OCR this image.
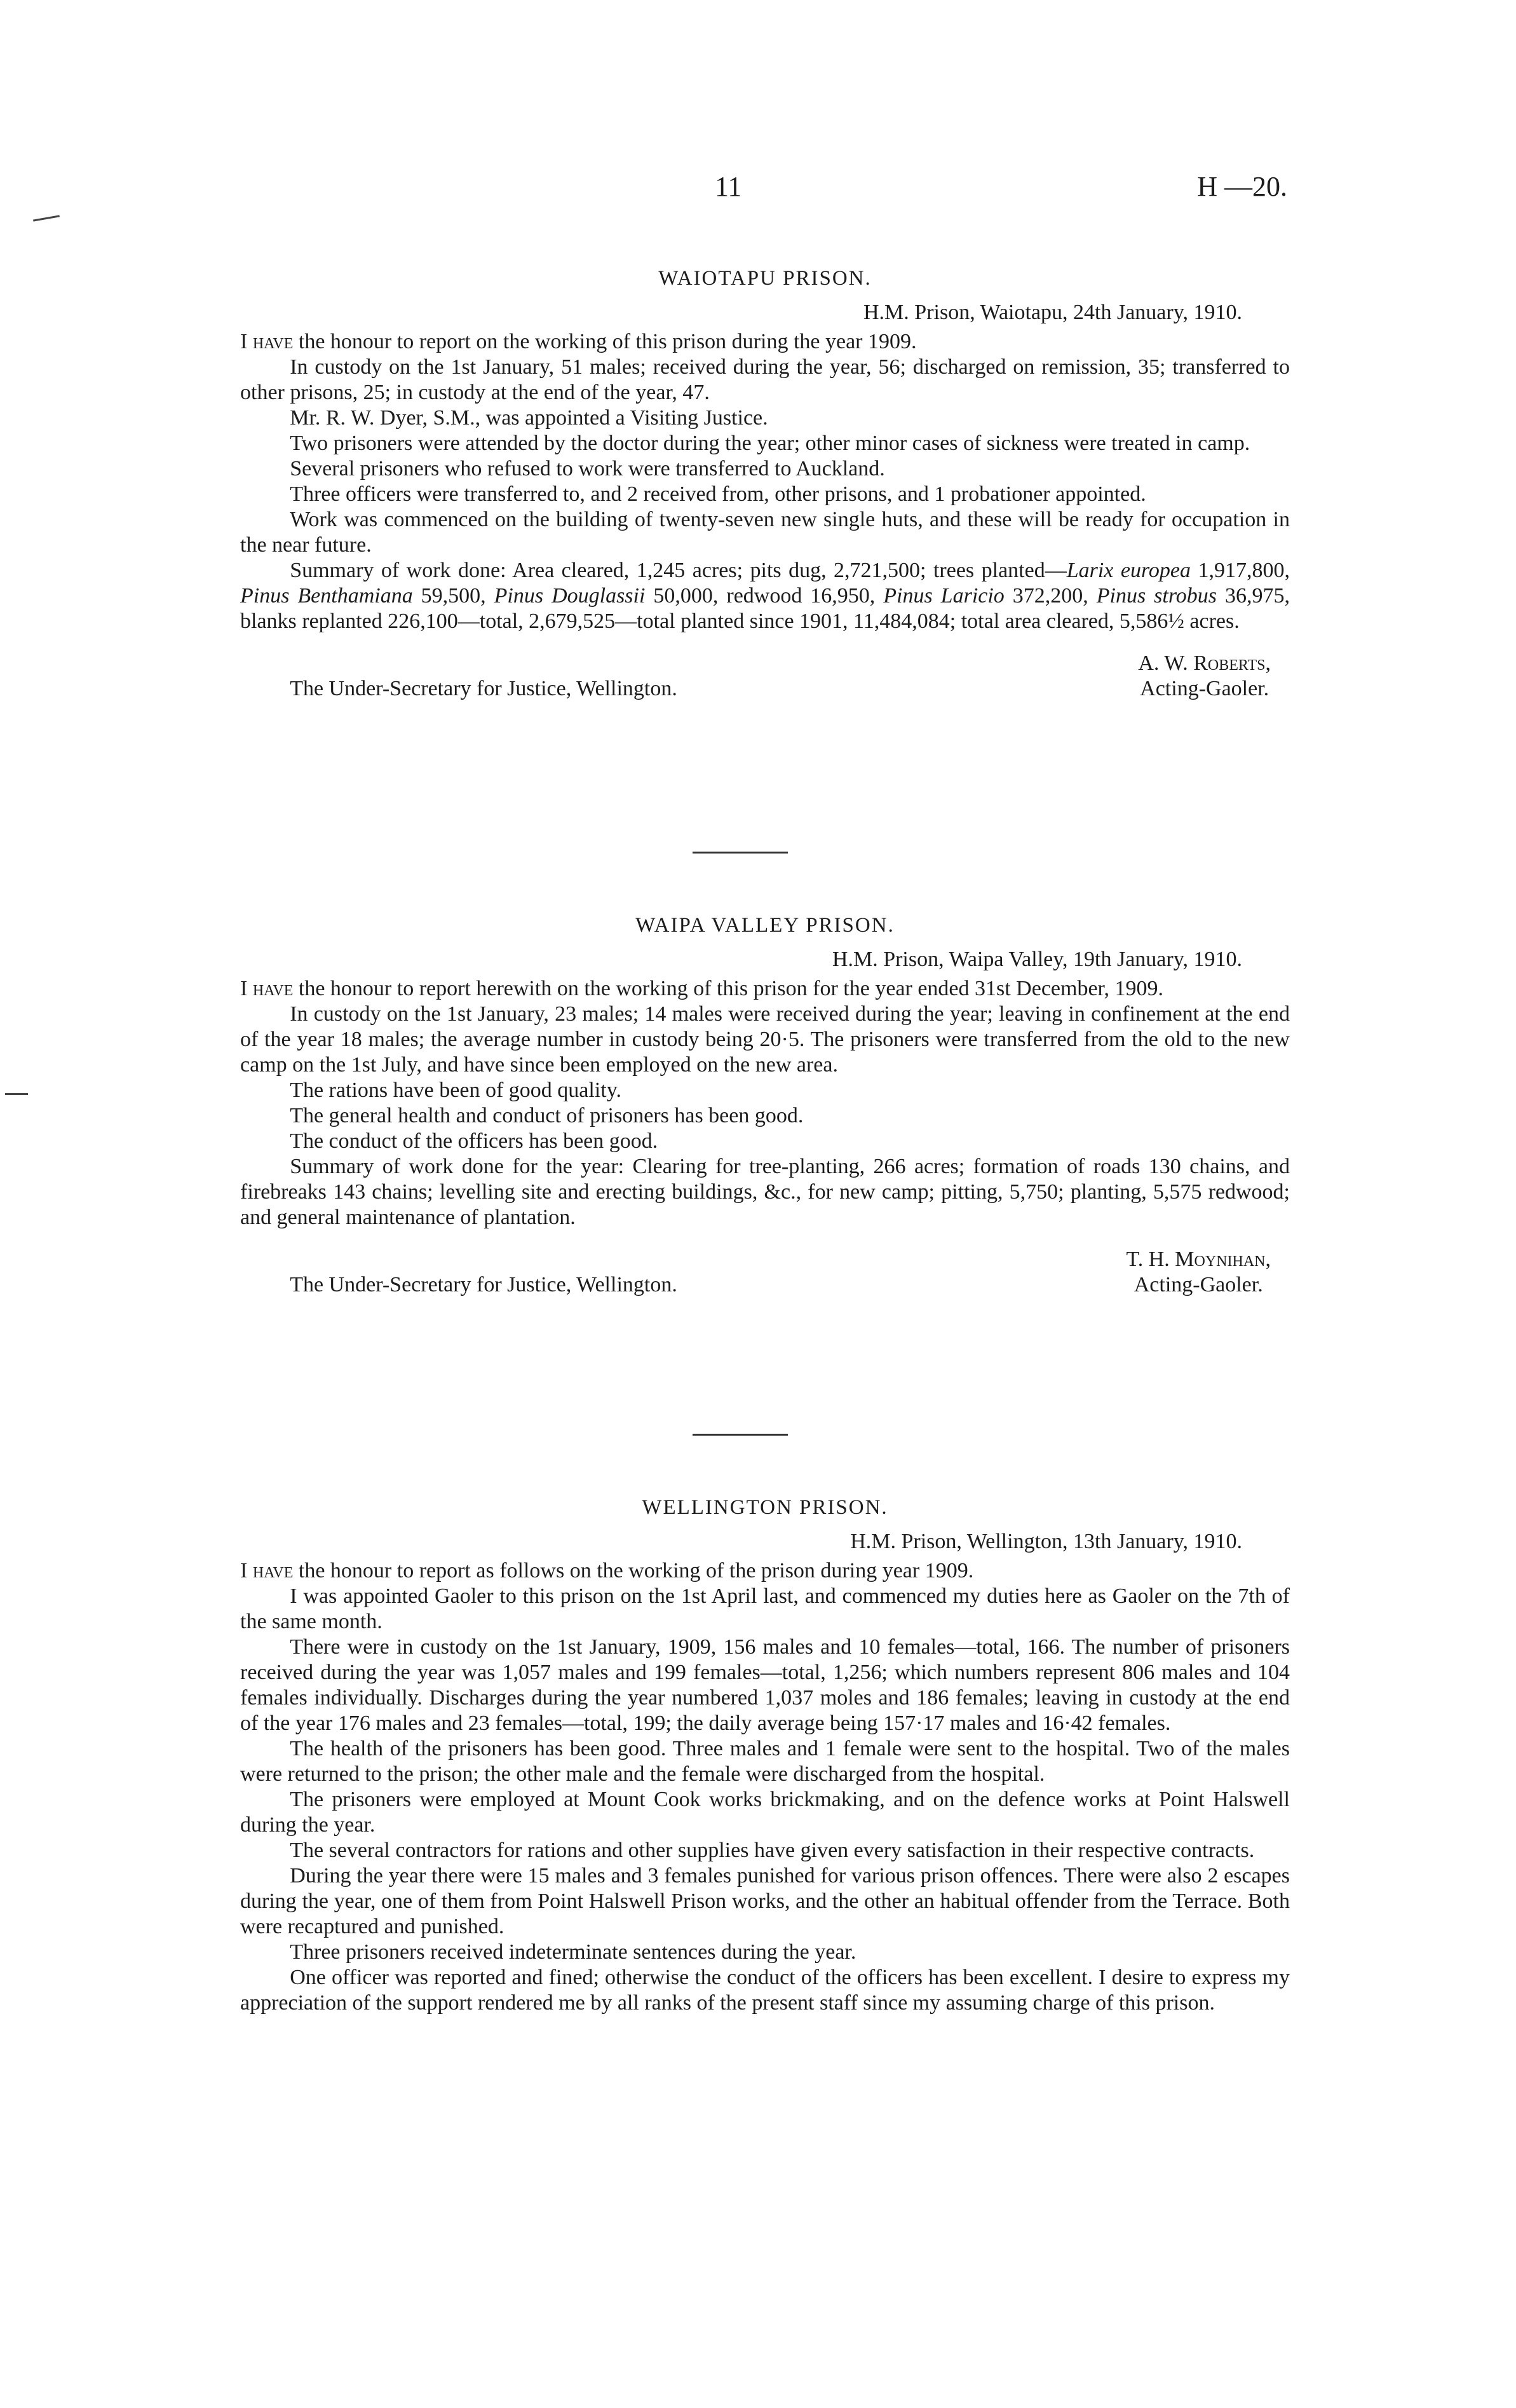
11	H —20.
WAIOTAPU PRISON.
H.M. Prison, Waiotapu, 24th January, 1910.
I have the honour to report on the working of this prison during the year 1909.
In custody on the 1st January, 51 males; received during the year, 56; discharged on remission, 35; transferred to other prisons, 25; in custody at the end of the year, 47.
Mr. R. W. Dyer, S.M., was appointed a Visiting Justice.
Two prisoners were attended by the doctor during the year; other minor cases of sickness were treated in camp.
Several prisoners who refused to work were transferred to Auckland.
Three officers were transferred to, and 2 received from, other prisons, and 1 probationer appointed.
Work was commenced on the building of twenty-seven new single huts, and these will be ready for occupation in the near future.
Summary of work done: Area cleared, 1,245 acres; pits dug, 2,721,500; trees planted—Larix europea 1,917,800, Pinus Benthamiana 59,500, Pinus Douglassii 50,000, redwood 16,950, Pinus Laricio 372,200, Pinus strobus 36,975, blanks replanted 226,100—total, 2,679,525—total planted since 1901, 11,484,084; total area cleared, 5,586½ acres.
The Under-Secretary for Justice, Wellington.
A. W. Roberts,
Acting-Gaoler.
WAIPA VALLEY PRISON.
H.M. Prison, Waipa Valley, 19th January, 1910.
I have the honour to report herewith on the working of this prison for the year ended 31st December, 1909.
In custody on the 1st January, 23 males; 14 males were received during the year; leaving in confinement at the end of the year 18 males; the average number in custody being 20·5. The prisoners were transferred from the old to the new camp on the 1st July, and have since been employed on the new area.
The rations have been of good quality.
The general health and conduct of prisoners has been good.
The conduct of the officers has been good.
Summary of work done for the year: Clearing for tree-planting, 266 acres; formation of roads 130 chains, and firebreaks 143 chains; levelling site and erecting buildings, &c., for new camp; pitting, 5,750; planting, 5,575 redwood; and general maintenance of plantation.
The Under-Secretary for Justice, Wellington.
T. H. Moynihan,
Acting-Gaoler.
WELLINGTON PRISON.
H.M. Prison, Wellington, 13th January, 1910.
I have the honour to report as follows on the working of the prison during year 1909.
I was appointed Gaoler to this prison on the 1st April last, and commenced my duties here as Gaoler on the 7th of the same month.
There were in custody on the 1st January, 1909, 156 males and 10 females—total, 166. The number of prisoners received during the year was 1,057 males and 199 females—total, 1,256; which numbers represent 806 males and 104 females individually. Discharges during the year numbered 1,037 moles and 186 females; leaving in custody at the end of the year 176 males and 23 females—total, 199; the daily average being 157·17 males and 16·42 females.
The health of the prisoners has been good. Three males and 1 female were sent to the hospital. Two of the males were returned to the prison; the other male and the female were discharged from the hospital.
The prisoners were employed at Mount Cook works brickmaking, and on the defence works at Point Halswell during the year.
The several contractors for rations and other supplies have given every satisfaction in their respective contracts.
During the year there were 15 males and 3 females punished for various prison offences. There were also 2 escapes during the year, one of them from Point Halswell Prison works, and the other an habitual offender from the Terrace. Both were recaptured and punished.
Three prisoners received indeterminate sentences during the year.
One officer was reported and fined; otherwise the conduct of the officers has been excellent. I desire to express my appreciation of the support rendered me by all ranks of the present staff since my assuming charge of this prison.
